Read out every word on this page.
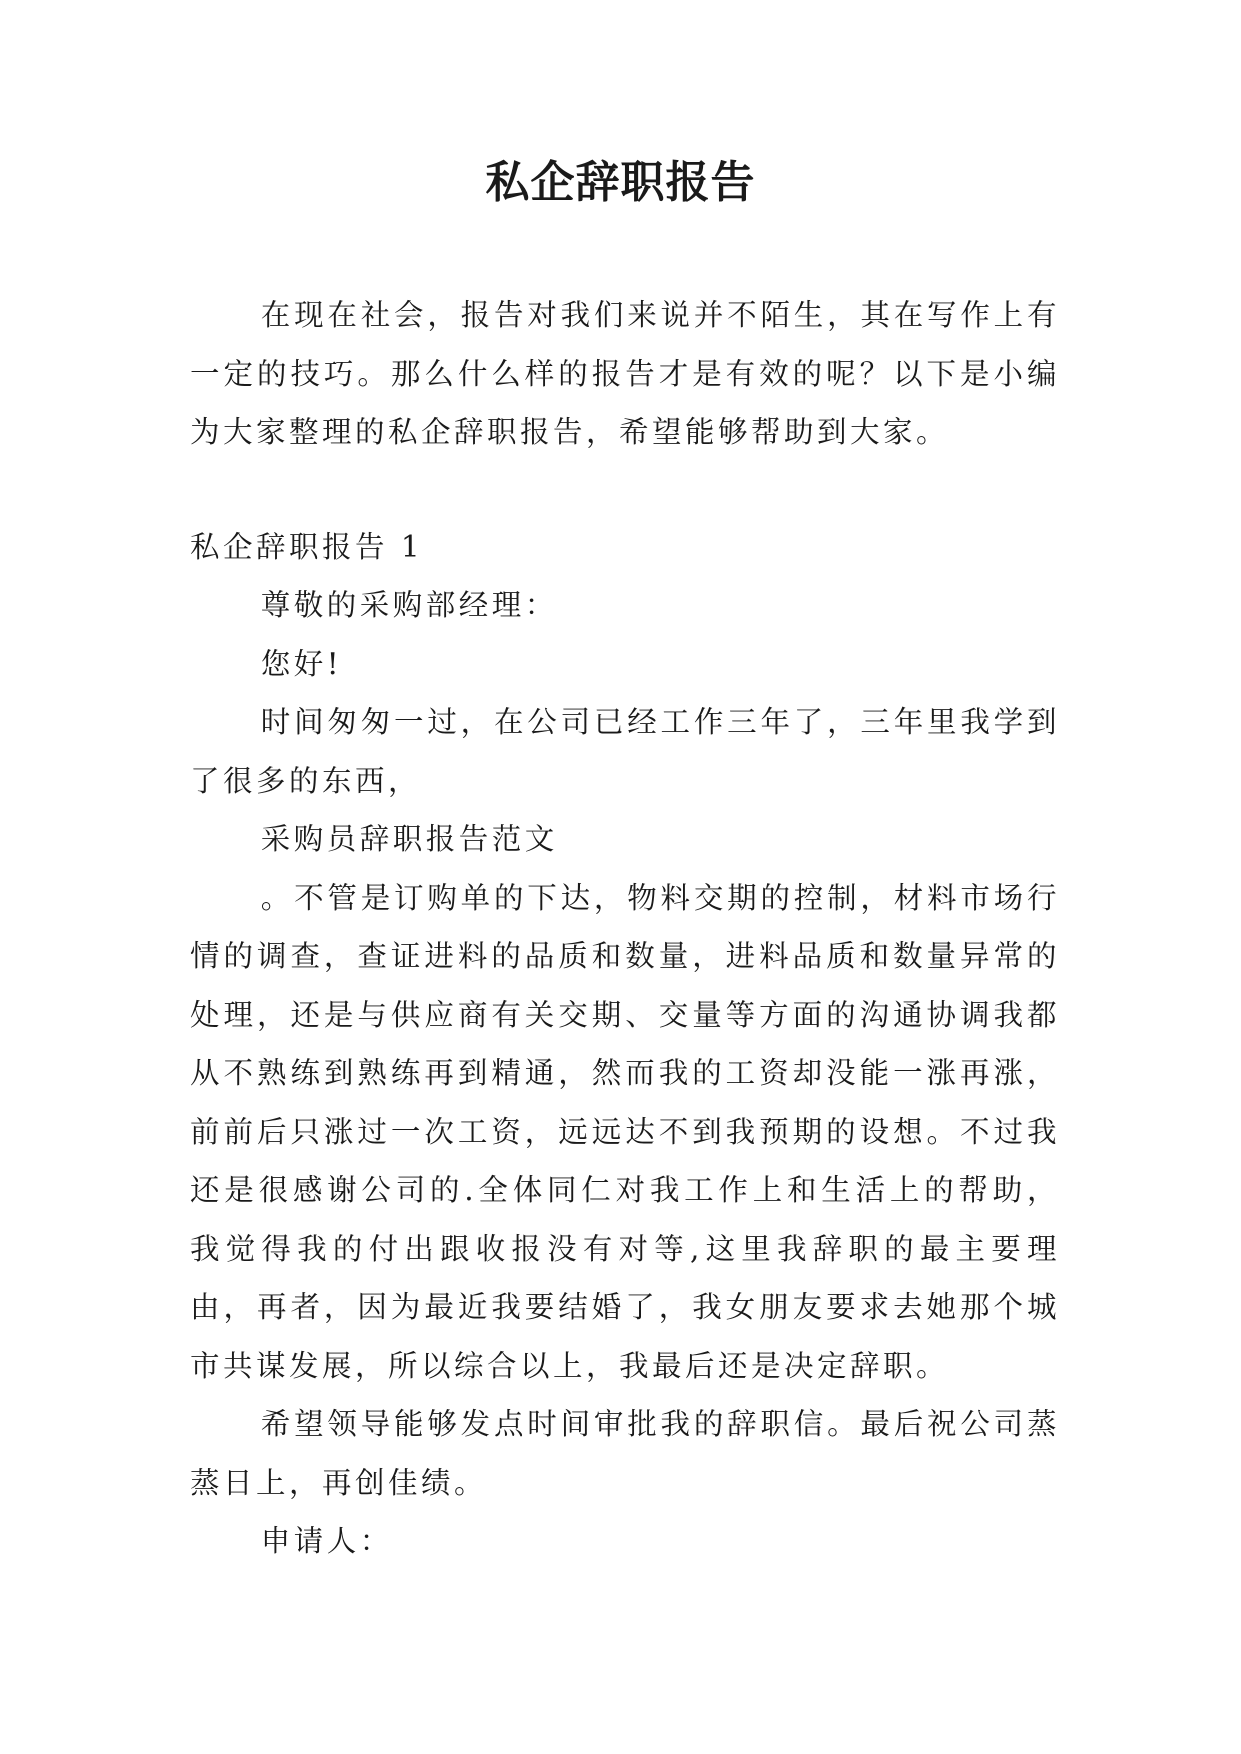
私企辞职报告

在现在社会，报告对我们来说并不陌生，其在写作上有一定的技巧。那么什么样的报告才是有效的呢？以下是小编为大家整理的私企辞职报告，希望能够帮助到大家。

私企辞职报告 1

尊敬的采购部经理：

您好!

时间匆匆一过，在公司已经工作三年了，三年里我学到了很多的东西，

采购员辞职报告范文

。不管是订购单的下达，物料交期的控制，材料市场行情的调查，查证进料的品质和数量，进料品质和数量异常的处理，还是与供应商有关交期、交量等方面的沟通协调我都从不熟练到熟练再到精通，然而我的工资却没能一涨再涨，前前后只涨过一次工资，远远达不到我预期的设想。不过我还是很感谢公司的.全体同仁对我工作上和生活上的帮助，我觉得我的付出跟收报没有对等,这里我辞职的最主要理由，再者，因为最近我要结婚了，我女朋友要求去她那个城市共谋发展，所以综合以上，我最后还是决定辞职。

希望领导能够发点时间审批我的辞职信。最后祝公司蒸蒸日上，再创佳绩。

申请人：
